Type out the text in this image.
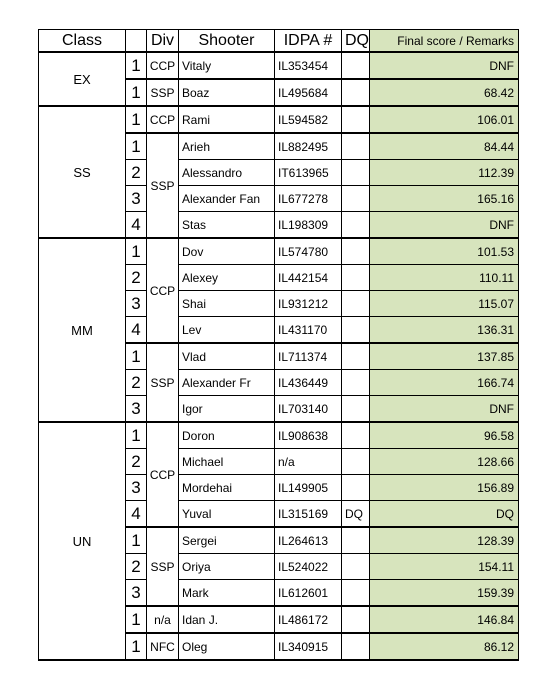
Class		Div	Shooter	IDPA #	DQ	Final score / Remarks
EX	1	CCP	Vitaly	IL353454		DNF
	1	SSP	Boaz	IL495684		68.42
SS	1	CCP	Rami	IL594582		106.01
	1	SSP	Arieh	IL882495		84.44
	2		Alessandro	IT613965		112.39
	3		Alexander Fan	IL677278		165.16
	4		Stas	IL198309		DNF
MM	1	CCP	Dov	IL574780		101.53
	2		Alexey	IL442154		110.11
	3		Shai	IL931212		115.07
	4		Lev	IL431170		136.31
	1	SSP	Vlad	IL711374		137.85
	2		Alexander Fr	IL436449		166.74
	3		Igor	IL703140		DNF
UN	1	CCP	Doron	IL908638		96.58
	2		Michael	n/a		128.66
	3		Mordehai	IL149905		156.89
	4		Yuval	IL315169	DQ	DQ
	1	SSP	Sergei	IL264613		128.39
	2		Oriya	IL524022		154.11
	3		Mark	IL612601		159.39
	1	n/a	Idan J.	IL486172		146.84
	1	NFC	Oleg	IL340915		86.12
